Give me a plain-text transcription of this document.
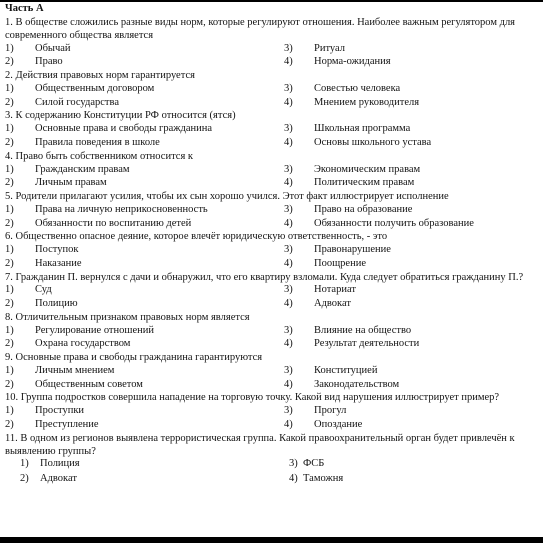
Часть А
1. В обществе сложились разные виды норм, которые регулируют отношения. Наиболее важным регулятором для современного общества является
1)	Обычай	3)	Ритуал
2)	Право	4)	Норма-ожидания
2. Действия правовых норм гарантируется
1)	Общественным договором	3)	Совестью человека
2)	Силой государства	4)	Мнением руководителя
3. К содержанию Конституции РФ относится (ятся)
1)	Основные права и свободы гражданина	3)	Школьная программа
2)	Правила поведения в школе	4)	Основы школьного устава
4. Право быть собственником относится к
1)	Гражданским правам	3)	Экономическим правам
2)	Личным правам	4)	Политическим правам
5. Родители прилагают усилия, чтобы их сын хорошо учился. Этот факт иллюстрирует исполнение
1)	Права на личную неприкосновенность	3)	Право на образование
2)	Обязанности по воспитанию детей	4)	Обязанности получить образование
6. Общественно опасное деяние, которое влечёт юридическую ответственность, - это
1)	Поступок	3)	Правонарушение
2)	Наказание	4)	Поощрение
7. Гражданин П. вернулся с дачи и обнаружил, что его квартиру взломали. Куда следует обратиться гражданину П.?
1)	Суд	3)	Нотариат
2)	Полицию	4)	Адвокат
8. Отличительным признаком правовых норм является
1)	Регулирование отношений	3)	Влияние на общество
2)	Охрана государством	4)	Результат деятельности
9. Основные права и свободы гражданина гарантируются
1)	Личным мнением	3)	Конституцией
2)	Общественным советом	4)	Законодательством
10. Группа подростков совершила нападение на торговую точку. Какой вид нарушения иллюстрирует пример?
1)	Проступки	3)	Прогул
2)	Преступление	4)	Опоздание
11. В одном из регионов выявлена террористическая группа. Какой правоохранительный орган будет привлечён к выявлению группы?
1)	Полиция	3) ФСБ
2)	Адвокат	4) Таможня
